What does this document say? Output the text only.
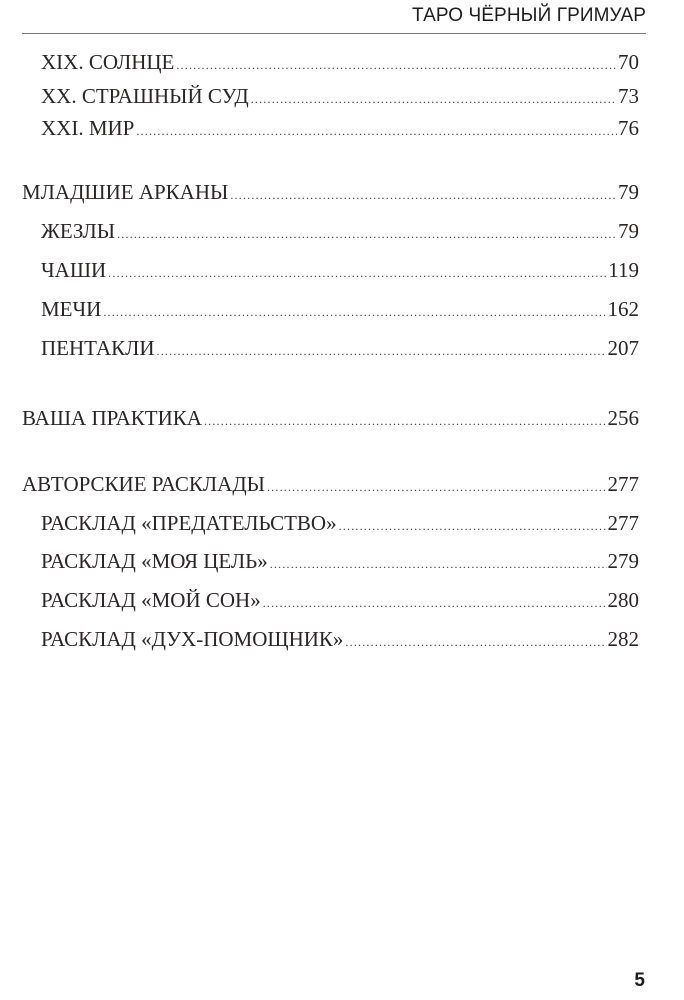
ТАРО ЧЁРНЫЙ ГРИМУАР
XIX. СОЛНЦЕ .....	70
XX. СТРАШНЫЙ СУД .....	73
XXI. МИР .....	76
МЛАДШИЕ АРКАНЫ .....	79
ЖЕЗЛЫ .....	79
ЧАШИ .....	119
МЕЧИ .....	162
ПЕНТАКЛИ .....	207
ВАША ПРАКТИКА .....	256
АВТОРСКИЕ РАСКЛАДЫ .....	277
РАСКЛАД «ПРЕДАТЕЛЬСТВО» .....	277
РАСКЛАД «МОЯ ЦЕЛЬ» .....	279
РАСКЛАД «МОЙ СОН» .....	280
РАСКЛАД «ДУХ-ПОМОЩНИК» .....	282
5
